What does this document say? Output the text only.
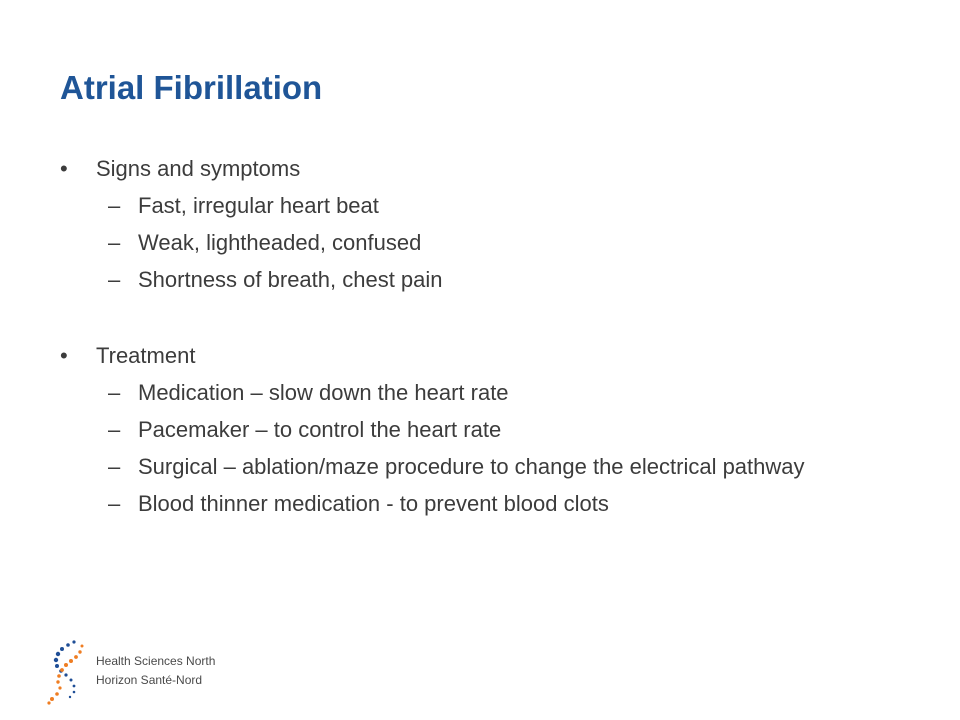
Atrial Fibrillation
• Signs and symptoms
– Fast, irregular heart beat
– Weak, lightheaded, confused
– Shortness of breath, chest pain
• Treatment
– Medication – slow down the heart rate
– Pacemaker – to control the heart rate
– Surgical – ablation/maze procedure to change the electrical pathway
– Blood thinner medication - to prevent blood clots
Health Sciences North
Horizon Santé-Nord
